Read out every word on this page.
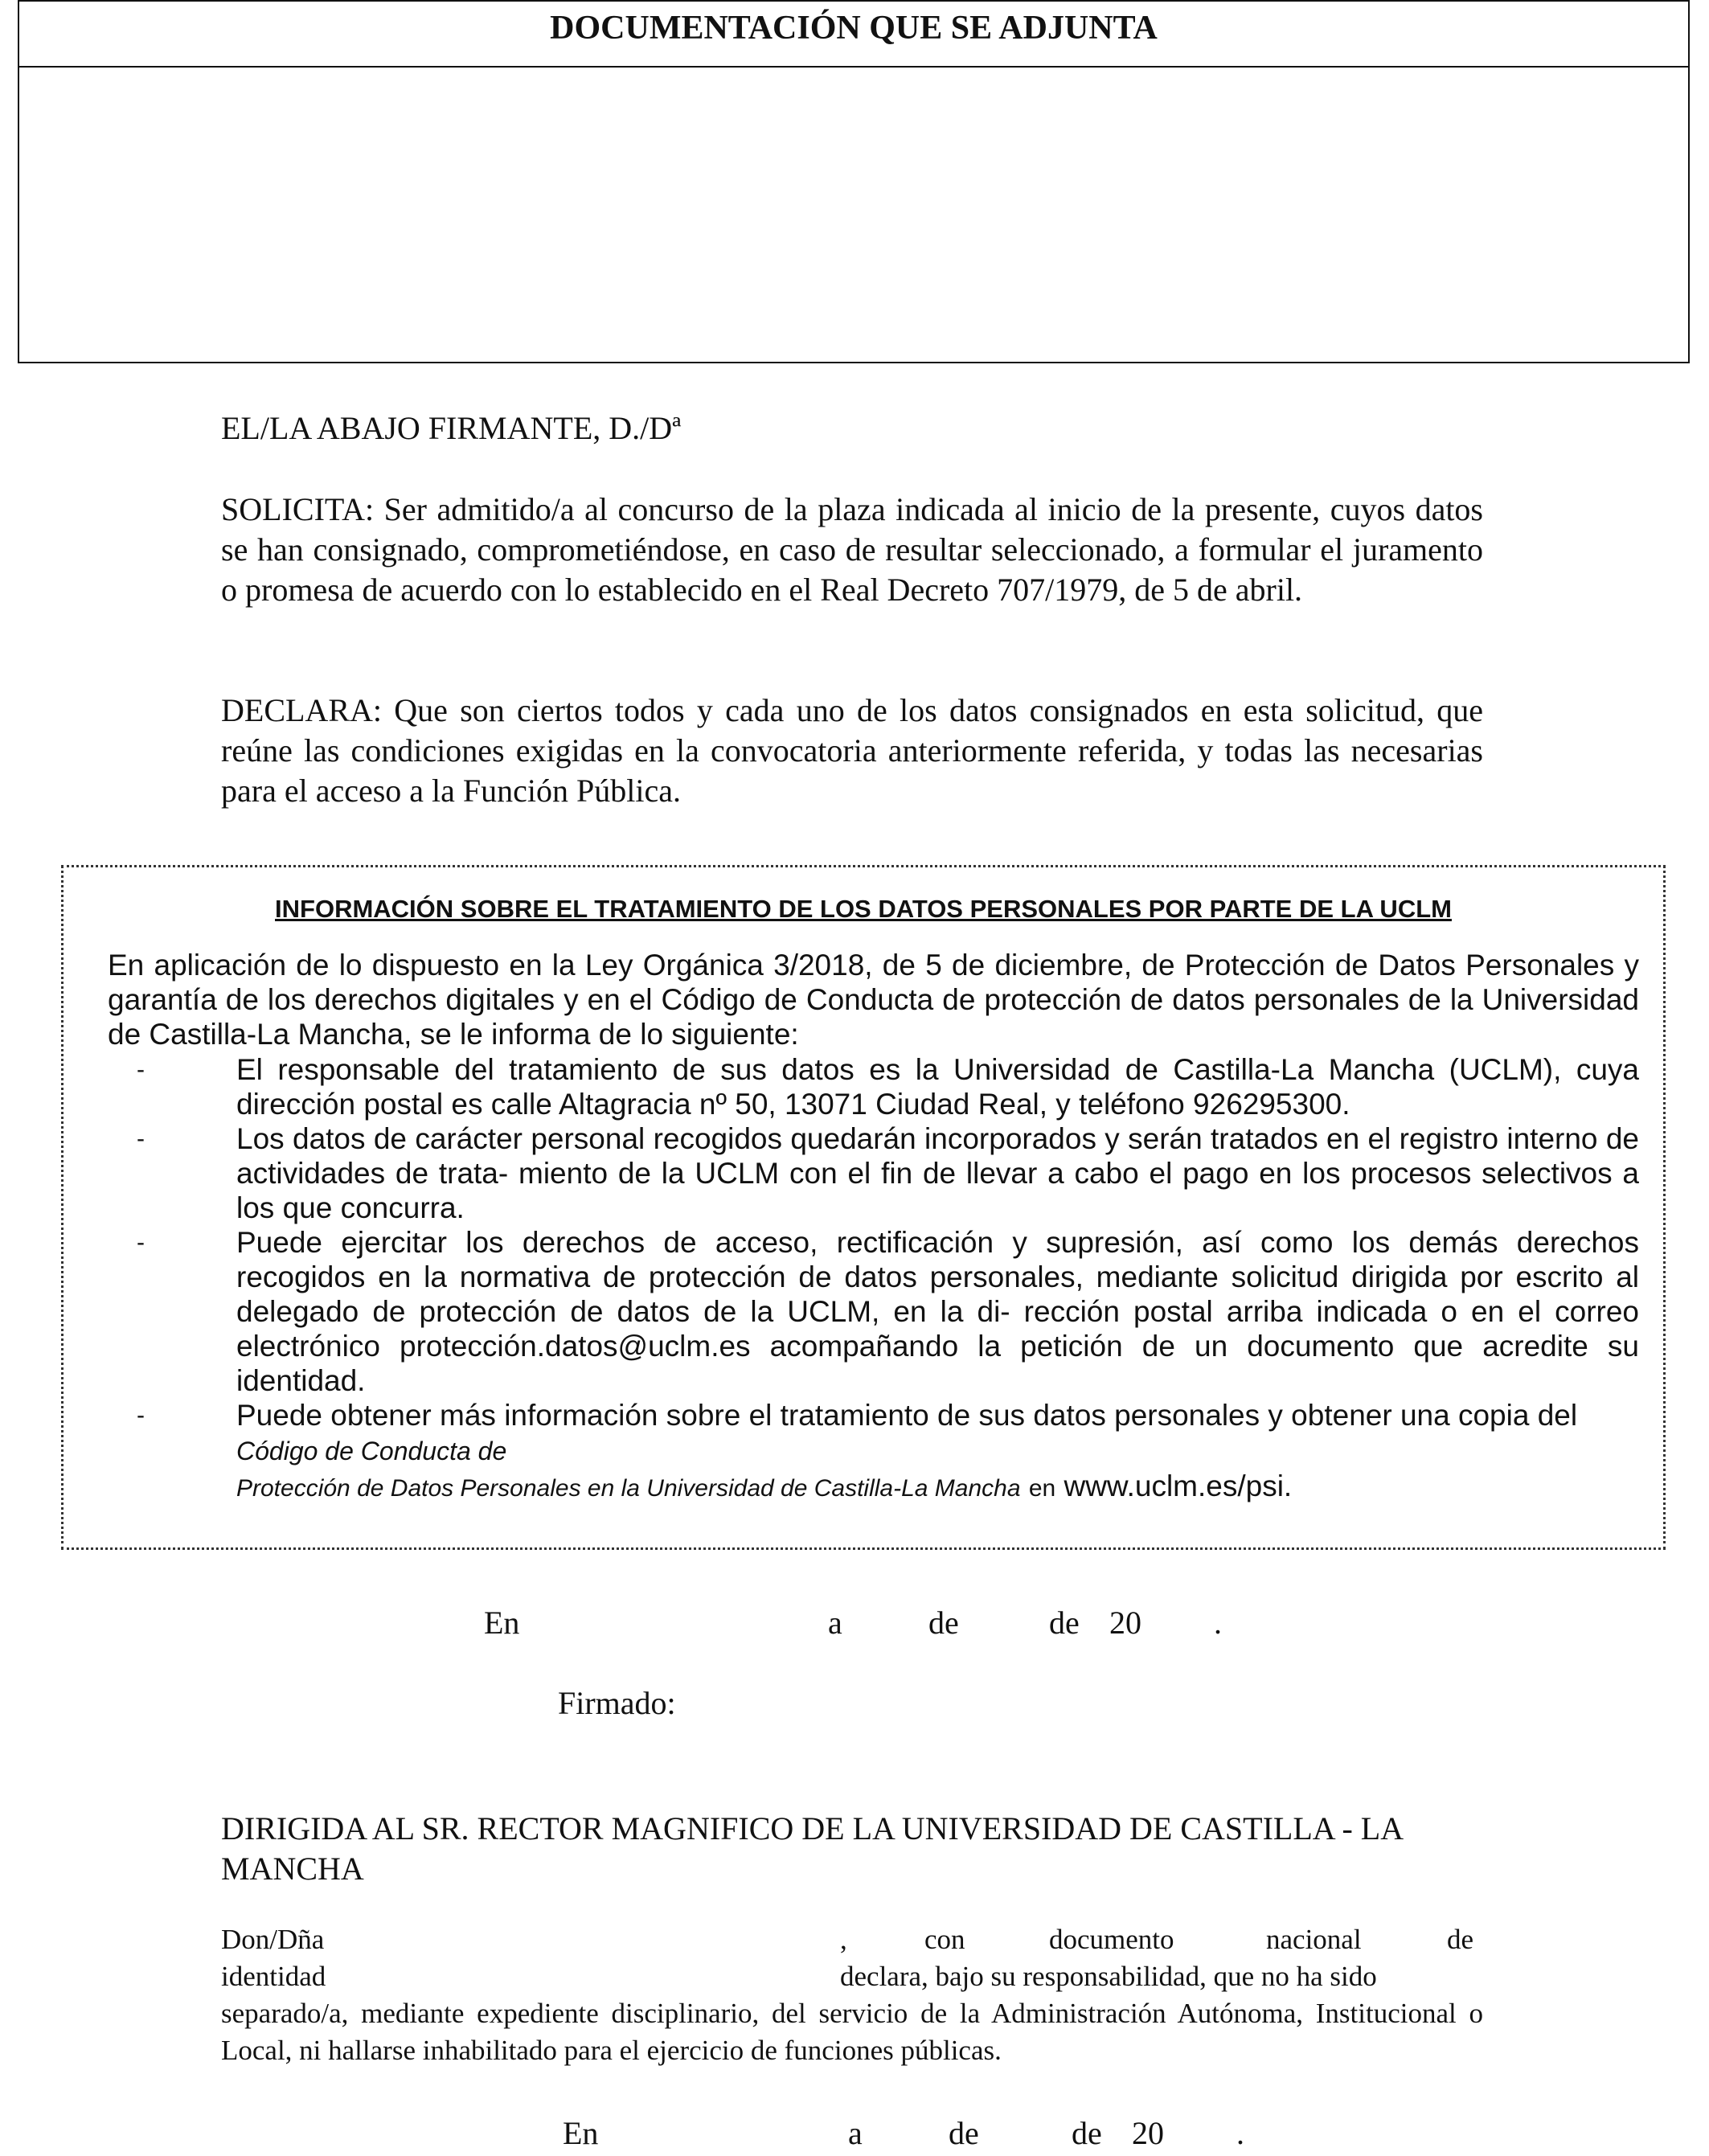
DOCUMENTACIÓN QUE SE ADJUNTA

EL/LA ABAJO FIRMANTE, D./Dª

SOLICITA: Ser admitido/a al concurso de la plaza indicada al inicio de la presente, cuyos datos se han consignado, comprometiéndose, en caso de resultar seleccionado, a formular el juramento o promesa de acuerdo con lo establecido en el Real Decreto 707/1979, de 5 de abril.

DECLARA: Que son ciertos todos y cada uno de los datos consignados en esta solicitud, que reúne las condiciones exigidas en la convocatoria anteriormente referida, y todas las necesarias para el acceso a la Función Pública.

INFORMACIÓN SOBRE EL TRATAMIENTO DE LOS DATOS PERSONALES POR PARTE DE LA UCLM
En aplicación de lo dispuesto en la Ley Orgánica 3/2018, de 5 de diciembre, de Protección de Datos Personales y garantía de los derechos digitales y en el Código de Conducta de protección de datos personales de la Universidad de Castilla-La Mancha, se le informa de lo siguiente:
-	El responsable del tratamiento de sus datos es la Universidad de Castilla-La Mancha (UCLM), cuya dirección postal es calle Altagracia nº 50, 13071 Ciudad Real, y teléfono 926295300.
-	Los datos de carácter personal recogidos quedarán incorporados y serán tratados en el registro interno de actividades de trata- miento de la UCLM con el fin de llevar a cabo el pago en los procesos selectivos a los que concurra.
-	Puede ejercitar los derechos de acceso, rectificación y supresión, así como los demás derechos recogidos en la normativa de protección de datos personales, mediante solicitud dirigida por escrito al delegado de protección de datos de la UCLM, en la di- rección postal arriba indicada o en el correo electrónico protección.datos@uclm.es acompañando la petición de un documento que acredite su identidad.
-	Puede obtener más información sobre el tratamiento de sus datos personales y obtener una copia del
Código de Conducta de
Protección de Datos Personales en la Universidad de Castilla-La Mancha en www.uclm.es/psi.
En	a	de	de 20 .
Firmado:

DIRIGIDA AL SR. RECTOR MAGNIFICO DE LA UNIVERSIDAD DE CASTILLA - LA

MANCHA

Don/Dña	,	con	documento	nacional	de
identidad	declara, bajo su responsabilidad, que no ha sido

separado/a, mediante expediente disciplinario, del servicio de la Administración Autónoma, Institucional o Local, ni hallarse inhabilitado para el ejercicio de funciones públicas.

En	a	de	de 20 .
